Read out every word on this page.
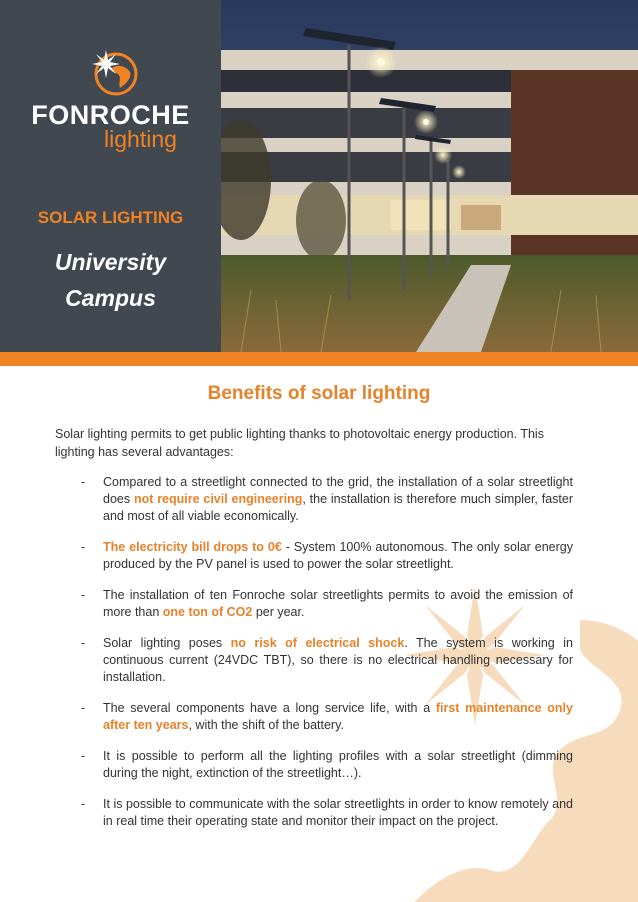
FONROCHE
lighting
SOLAR LIGHTING
University
Campus
Benefits of solar lighting

Solar lighting permits to get public lighting thanks to photovoltaic energy production. This lighting has several advantages:

- Compared to a streetlight connected to the grid, the installation of a solar streetlight does not require civil engineering, the installation is therefore much simpler, faster and most of all viable economically.
- The electricity bill drops to 0€ - System 100% autonomous. The only solar energy produced by the PV panel is used to power the solar streetlight.
- The installation of ten Fonroche solar streetlights permits to avoid the emission of more than one ton of CO2 per year.
- Solar lighting poses no risk of electrical shock. The system is working in continuous current (24VDC TBT), so there is no electrical handling necessary for installation.
- The several components have a long service life, with a first maintenance only after ten years, with the shift of the battery.
- It is possible to perform all the lighting profiles with a solar streetlight (dimming during the night, extinction of the streetlight…).
- It is possible to communicate with the solar streetlights in order to know remotely and in real time their operating state and monitor their impact on the project.
